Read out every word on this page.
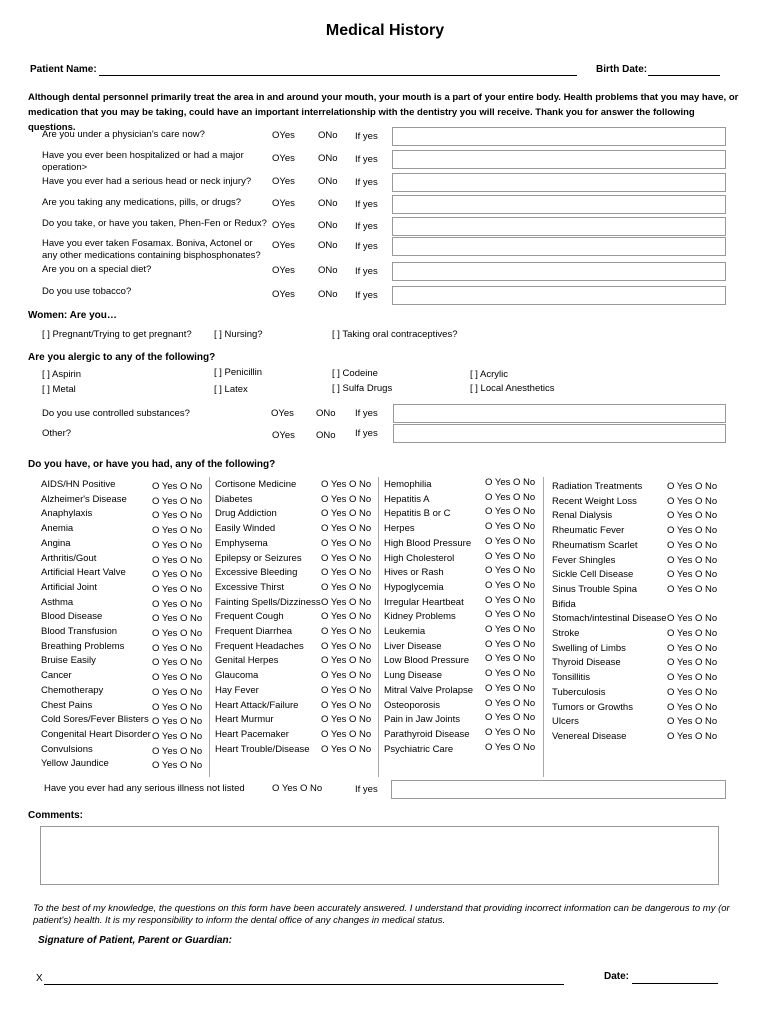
Medical History
Patient Name:	Birth Date:
Although dental personnel primarily treat the area in and around your mouth, your mouth is a part of your entire body. Health problems that you may have, or medication that you may be taking, could have an important interrelationship with the dentistry you will receive. Thank you for answer the following questions.
Are you under a physician's care now?	OYes ONo If yes
Have you ever been hospitalized or had a major operation>
OYes ONo If yes
Have you ever had a serious head or neck injury?	OYes ONo If yes
Are you taking any medications, pills, or drugs?	OYes ONo If yes
Do you take, or have you taken, Phen-Fen or Redux? OYes ONo If yes
Have you ever taken Fosamax. Boniva, Actonel or any other medications containing bisphosphonates?
OYes ONo If yes
Are you on a special diet?	OYes ONo If yes
Do you use tobacco?	OYes ONo If yes
Women: Are you…
[ ] Pregnant/Trying to get pregnant? [ ] Nursing?	[ ] Taking oral contraceptives?
Are you alergic to any of the following?
[ ] Aspirin
[ ] Metal
[ ] Penicillin
[ ] Latex
[ ] Codeine
[ ] Sulfa Drugs
[ ] Acrylic
[ ] Local Anesthetics
Do you use controlled substances?	OYes ONo If yes
Other?	OYes ONo If yes
Do you have, or have you had, any of the following?
AIDS/HN Positive	O Yes O No
Alzheimer's Disease	O Yes O No
Anaphylaxis	O Yes O No
Anemia	O Yes O No
Angina	O Yes O No
Arthritis/Gout	O Yes O No
Artificial Heart Valve	O Yes O No
Artificial Joint	O Yes O No
Asthma	O Yes O No
Blood Disease	O Yes O No
Blood Transfusion	O Yes O No
Breathing Problems	O Yes O No
Bruise Easily	O Yes O No
Cancer	O Yes O No
Chemotherapy	O Yes O No
Chest Pains	O Yes O No
Cold Sores/Fever Blisters O Yes O No
Congenital Heart Disorder O Yes O No
Convulsions	O Yes O No
Yellow Jaundice	O Yes O No
Cortisone Medicine	O Yes O No
Diabetes	O Yes O No
Drug Addiction	O Yes O No
Easily Winded	O Yes O No
Emphysema	O Yes O No
Epilepsy or Seizures O Yes O No
Excessive Bleeding O Yes O No
Excessive Thirst	O Yes O No
Fainting Spells/Dizziness O Yes O No
Frequent Cough	O Yes O No
Frequent Diarrhea	O Yes O No
Frequent Headaches O Yes O No
Genital Herpes	O Yes O No
Glaucoma	O Yes O No
Hay Fever	O Yes O No
Heart Attack/Failure O Yes O No
Heart Murmur	O Yes O No
Heart Pacemaker	O Yes O No
Heart Trouble/Disease O Yes O No
Hemophilia	O Yes O No
Hepatitis A	O Yes O No
Hepatitis B or C	O Yes O No
Herpes	O Yes O No
High Blood Pressure O Yes O No
High Cholesterol	O Yes O No
Hives or Rash	O Yes O No
Hypoglycemia	O Yes O No
Irregular Heartbeat O Yes O No
Kidney Problems	O Yes O No
Leukemia	O Yes O No
Liver Disease	O Yes O No
Low Blood Pressure O Yes O No
Lung Disease	O Yes O No
Mitral Valve Prolapse O Yes O No
Osteoporosis	O Yes O No
Pain in Jaw Joints	O Yes O No
Parathyroid Disease O Yes O No
Psychiatric Care	O Yes O No
Radiation Treatments	O Yes O No
Recent Weight Loss	O Yes O No
Renal Dialysis	O Yes O No
Rheumatic Fever	O Yes O No
Rheumatism Scarlet	O Yes O No
Fever Shingles	O Yes O No
Sickle Cell Disease	O Yes O No
Sinus Trouble Spina	O Yes O No
Bifida
Stomach/intestinal Disease O Yes O No
Stroke	O Yes O No
Swelling of Limbs	O Yes O No
Thyroid Disease	O Yes O No
Tonsillitis	O Yes O No
Tuberculosis	O Yes O No
Tumors or Growths	O Yes O No
Ulcers	O Yes O No
Venereal Disease	O Yes O No
Have you ever had any serious illness not listed	O Yes O No	If yes
Comments:
To the best of my knowledge, the questions on this form have been accurately answered. I understand that providing incorrect information can be dangerous to my (or patient's) health. It is my responsibility to inform the dental office of any changes in medical status.
Signature of Patient, Parent or Guardian:
X	Date:
